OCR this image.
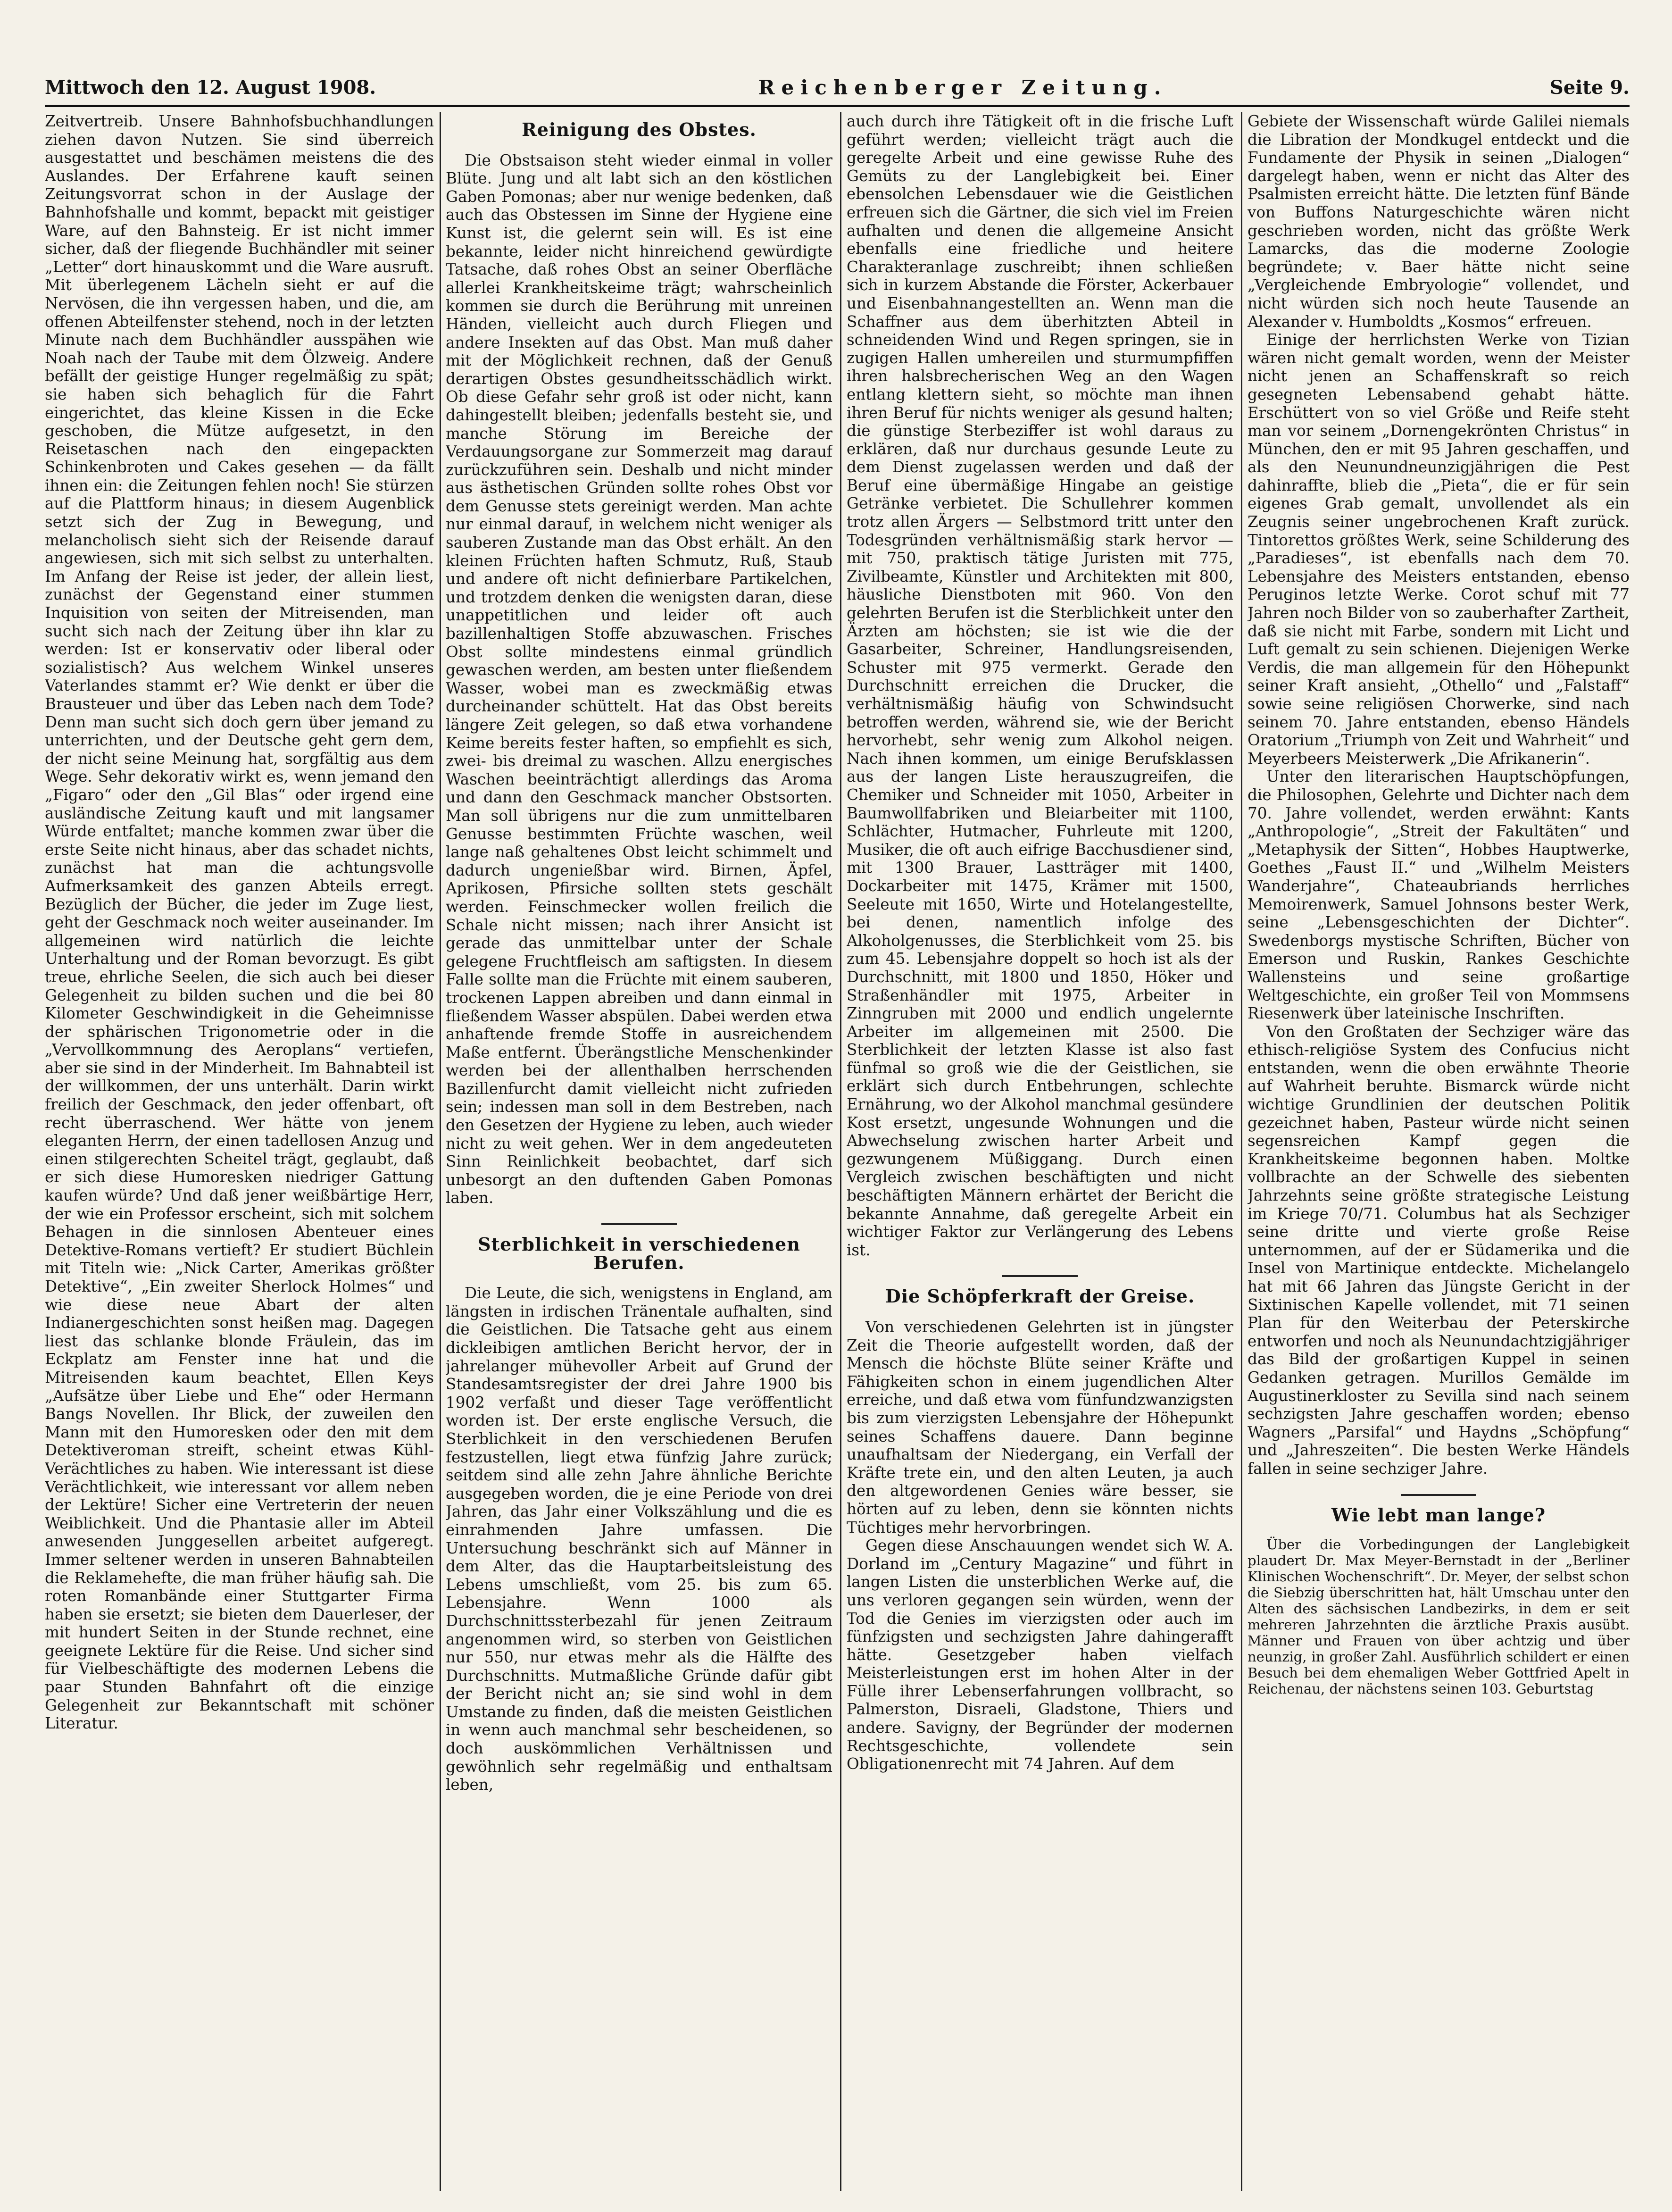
Mittwoch den 12. August 1908.	Reichenberger Zeitung.	Seite 9.

Zeitvertreib. Unsere Bahnhofsbuchhandlungen ziehen davon Nutzen. Sie sind überreich ausgestattet und beschämen meistens die des Auslandes. Der Erfahrene kauft seinen Zeitungsvorrat schon in der Auslage der Bahnhofshalle und kommt, bepackt mit geistiger Ware, auf den Bahnsteig. Er ist nicht immer sicher, daß der fliegende Buchhändler mit seiner „Letter“ dort hinauskommt und die Ware ausruft. Mit überlegenem Lächeln sieht er auf die Nervösen, die ihn vergessen haben, und die, am offenen Abteilfenster stehend, noch in der letzten Minute nach dem Buchhändler ausspähen wie Noah nach der Taube mit dem Ölzweig. Andere befällt der geistige Hunger regelmäßig zu spät; sie haben sich behaglich für die Fahrt eingerichtet, das kleine Kissen in die Ecke geschoben, die Mütze aufgesetzt, in den Reisetaschen nach den eingepackten Schinkenbroten und Cakes gesehen — da fällt ihnen ein: die Zeitungen fehlen noch! Sie stürzen auf die Plattform hinaus; in diesem Augenblick setzt sich der Zug in Bewegung, und melancholisch sieht sich der Reisende darauf angewiesen, sich mit sich selbst zu unterhalten. Im Anfang der Reise ist jeder, der allein liest, zunächst der Gegenstand einer stummen Inquisition von seiten der Mitreisenden, man sucht sich nach der Zeitung über ihn klar zu werden: Ist er konservativ oder liberal oder sozialistisch? Aus welchem Winkel unseres Vaterlandes stammt er? Wie denkt er über die Brausteuer und über das Leben nach dem Tode? Denn man sucht sich doch gern über jemand zu unterrichten, und der Deutsche geht gern dem, der nicht seine Meinung hat, sorgfältig aus dem Wege. Sehr dekorativ wirkt es, wenn jemand den „Figaro“ oder den „Gil Blas“ oder irgend eine ausländische Zeitung kauft und mit langsamer Würde entfaltet; manche kommen zwar über die erste Seite nicht hinaus, aber das schadet nichts, zunächst hat man die achtungsvolle Aufmerksamkeit des ganzen Abteils erregt. Bezüglich der Bücher, die jeder im Zuge liest, geht der Geschmack noch weiter auseinander. Im allgemeinen wird natürlich die leichte Unterhaltung und der Roman bevorzugt. Es gibt treue, ehrliche Seelen, die sich auch bei dieser Gelegenheit zu bilden suchen und die bei 80 Kilometer Geschwindigkeit in die Geheimnisse der sphärischen Trigonometrie oder in die „Vervollkommnung des Aeroplans“ vertiefen, aber sie sind in der Minderheit. Im Bahnabteil ist der willkommen, der uns unterhält. Darin wirkt freilich der Geschmack, den jeder offenbart, oft recht überraschend. Wer hätte von jenem eleganten Herrn, der einen tadellosen Anzug und einen stilgerechten Scheitel trägt, geglaubt, daß er sich diese Humoresken niedriger Gattung kaufen würde? Und daß jener weißbärtige Herr, der wie ein Professor erscheint, sich mit solchem Behagen in die sinnlosen Abenteuer eines Detektive-Romans vertieft? Er studiert Büchlein mit Titeln wie: „Nick Carter, Amerikas größter Detektive“, „Ein zweiter Sherlock Holmes“ und wie diese neue Abart der alten Indianergeschichten sonst heißen mag. Dagegen liest das schlanke blonde Fräulein, das im Eckplatz am Fenster inne hat und die Mitreisenden kaum beachtet, Ellen Keys „Aufsätze über Liebe und Ehe“ oder Hermann Bangs Novellen. Ihr Blick, der zuweilen den Mann mit den Humoresken oder den mit dem Detektiveroman streift, scheint etwas Kühl-Verächtliches zu haben. Wie interessant ist diese Verächtlichkeit, wie interessant vor allem neben der Lektüre! Sicher eine Vertreterin der neuen Weiblichkeit. Und die Phantasie aller im Abteil anwesenden Junggesellen arbeitet aufgeregt. Immer seltener werden in unseren Bahnabteilen die Reklamehefte, die man früher häufig sah. Die roten Romanbände einer Stuttgarter Firma haben sie ersetzt; sie bieten dem Dauerleser, der mit hundert Seiten in der Stunde rechnet, eine geeignete Lektüre für die Reise. Und sicher sind für Vielbeschäftigte des modernen Lebens die paar Stunden Bahnfahrt oft die einzige Gelegenheit zur Bekanntschaft mit schöner Literatur.

Reinigung des Obstes.

Die Obstsaison steht wieder einmal in voller Blüte. Jung und alt labt sich an den köstlichen Gaben Pomonas; aber nur wenige bedenken, daß auch das Obstessen im Sinne der Hygiene eine Kunst ist, die gelernt sein will. Es ist eine bekannte, leider nicht hinreichend gewürdigte Tatsache, daß rohes Obst an seiner Oberfläche allerlei Krankheitskeime trägt; wahrscheinlich kommen sie durch die Berührung mit unreinen Händen, vielleicht auch durch Fliegen und andere Insekten auf das Obst. Man muß daher mit der Möglichkeit rechnen, daß der Genuß derartigen Obstes gesundheitsschädlich wirkt. Ob diese Gefahr sehr groß ist oder nicht, kann dahingestellt bleiben; jedenfalls besteht sie, und manche Störung im Bereiche der Verdauungsorgane zur Sommerzeit mag darauf zurückzuführen sein. Deshalb und nicht minder aus ästhetischen Gründen sollte rohes Obst vor dem Genusse stets gereinigt werden. Man achte nur einmal darauf, in welchem nicht weniger als sauberen Zustande man das Obst erhält. An den kleinen Früchten haften Schmutz, Ruß, Staub und andere oft nicht definierbare Partikelchen, und trotzdem denken die wenigsten daran, diese unappetitlichen und leider oft auch bazillenhaltigen Stoffe abzuwaschen. Frisches Obst sollte mindestens einmal gründlich gewaschen werden, am besten unter fließendem Wasser, wobei man es zweckmäßig etwas durcheinander schüttelt. Hat das Obst bereits längere Zeit gelegen, so daß etwa vorhandene Keime bereits fester haften, so empfiehlt es sich, zwei- bis dreimal zu waschen. Allzu energisches Waschen beeinträchtigt allerdings das Aroma und dann den Geschmack mancher Obstsorten. Man soll übrigens nur die zum unmittelbaren Genusse bestimmten Früchte waschen, weil lange naß gehaltenes Obst leicht schimmelt und dadurch ungenießbar wird. Birnen, Äpfel, Aprikosen, Pfirsiche sollten stets geschält werden. Feinschmecker wollen freilich die Schale nicht missen; nach ihrer Ansicht ist gerade das unmittelbar unter der Schale gelegene Fruchtfleisch am saftigsten. In diesem Falle sollte man die Früchte mit einem sauberen, trockenen Lappen abreiben und dann einmal in fließendem Wasser abspülen. Dabei werden etwa anhaftende fremde Stoffe in ausreichendem Maße entfernt. Überängstliche Menschenkinder werden bei der allenthalben herrschenden Bazillenfurcht damit vielleicht nicht zufrieden sein; indessen man soll in dem Bestreben, nach den Gesetzen der Hygiene zu leben, auch wieder nicht zu weit gehen. Wer in dem angedeuteten Sinn Reinlichkeit beobachtet, darf sich unbesorgt an den duftenden Gaben Pomonas laben.

Sterblichkeit in verschiedenen Berufen.

Die Leute, die sich, wenigstens in England, am längsten in irdischen Tränentale aufhalten, sind die Geistlichen. Die Tatsache geht aus einem dickleibigen amtlichen Bericht hervor, der in jahrelanger mühevoller Arbeit auf Grund der Standesamtsregister der drei Jahre 1900 bis 1902 verfaßt und dieser Tage veröffentlicht worden ist. Der erste englische Versuch, die Sterblichkeit in den verschiedenen Berufen festzustellen, liegt etwa fünfzig Jahre zurück; seitdem sind alle zehn Jahre ähnliche Berichte ausgegeben worden, die je eine Periode von drei Jahren, das Jahr einer Volkszählung und die es einrahmenden Jahre umfassen. Die Untersuchung beschränkt sich auf Männer in dem Alter, das die Hauptarbeitsleistung des Lebens umschließt, vom 25. bis zum 65. Lebensjahre. Wenn 1000 als Durchschnittssterbezahl für jenen Zeitraum angenommen wird, so sterben von Geistlichen nur 550, nur etwas mehr als die Hälfte des Durchschnitts. Mutmaßliche Gründe dafür gibt der Bericht nicht an; sie sind wohl in dem Umstande zu finden, daß die meisten Geistlichen in wenn auch manchmal sehr bescheidenen, so doch auskömmlichen Verhältnissen und gewöhnlich sehr regelmäßig und enthaltsam leben,

auch durch ihre Tätigkeit oft in die frische Luft geführt werden; vielleicht trägt auch die geregelte Arbeit und eine gewisse Ruhe des Gemüts zu der Langlebigkeit bei. Einer ebensolchen Lebensdauer wie die Geistlichen erfreuen sich die Gärtner, die sich viel im Freien aufhalten und denen die allgemeine Ansicht ebenfalls eine friedliche und heitere Charakteranlage zuschreibt; ihnen schließen sich in kurzem Abstande die Förster, Ackerbauer und Eisenbahnangestellten an. Wenn man die Schaffner aus dem überhitzten Abteil in schneidenden Wind und Regen springen, sie in zugigen Hallen umhereilen und sturmumpfiffen ihren halsbrecherischen Weg an den Wagen entlang klettern sieht, so möchte man ihnen ihren Beruf für nichts weniger als gesund halten; die günstige Sterbeziffer ist wohl daraus zu erklären, daß nur durchaus gesunde Leute zu dem Dienst zugelassen werden und daß der Beruf eine übermäßige Hingabe an geistige Getränke verbietet. Die Schullehrer kommen trotz allen Ärgers — Selbstmord tritt unter den Todesgründen verhältnismäßig stark hervor — mit 750, praktisch tätige Juristen mit 775, Zivilbeamte, Künstler und Architekten mit 800, häusliche Dienstboten mit 960. Von den gelehrten Berufen ist die Sterblichkeit unter den Ärzten am höchsten; sie ist wie die der Gasarbeiter, Schreiner, Handlungsreisenden, Schuster mit 975 vermerkt. Gerade den Durchschnitt erreichen die Drucker, die verhältnismäßig häufig von Schwindsucht betroffen werden, während sie, wie der Bericht hervorhebt, sehr wenig zum Alkohol neigen. Nach ihnen kommen, um einige Berufsklassen aus der langen Liste herauszugreifen, die Chemiker und Schneider mit 1050, Arbeiter in Baumwollfabriken und Bleiarbeiter mit 1100, Schlächter, Hutmacher, Fuhrleute mit 1200, Musiker, die oft auch eifrige Bacchusdiener sind, mit 1300 Brauer, Lastträger mit 1400, Dockarbeiter mit 1475, Krämer mit 1500, Seeleute mit 1650, Wirte und Hotelangestellte, bei denen, namentlich infolge des Alkoholgenusses, die Sterblichkeit vom 25. bis zum 45. Lebensjahre doppelt so hoch ist als der Durchschnitt, mit 1800 und 1850, Höker und Straßenhändler mit 1975, Arbeiter in Zinngruben mit 2000 und endlich ungelernte Arbeiter im allgemeinen mit 2500. Die Sterblichkeit der letzten Klasse ist also fast fünfmal so groß wie die der Geistlichen, sie erklärt sich durch Entbehrungen, schlechte Ernährung, wo der Alkohol manchmal gesündere Kost ersetzt, ungesunde Wohnungen und die Abwechselung zwischen harter Arbeit und gezwungenem Müßiggang. Durch einen Vergleich zwischen beschäftigten und nicht beschäftigten Männern erhärtet der Bericht die bekannte Annahme, daß geregelte Arbeit ein wichtiger Faktor zur Verlängerung des Lebens ist.

Die Schöpferkraft der Greise.

Von verschiedenen Gelehrten ist in jüngster Zeit die Theorie aufgestellt worden, daß der Mensch die höchste Blüte seiner Kräfte und Fähigkeiten schon in einem jugendlichen Alter erreiche, und daß etwa vom fünfundzwanzigsten bis zum vierzigsten Lebensjahre der Höhepunkt seines Schaffens dauere. Dann beginne unaufhaltsam der Niedergang, ein Verfall der Kräfte trete ein, und den alten Leuten, ja auch den altgewordenen Genies wäre besser, sie hörten auf zu leben, denn sie könnten nichts Tüchtiges mehr hervorbringen.

Gegen diese Anschauungen wendet sich W. A. Dorland im „Century Magazine“ und führt in langen Listen die unsterblichen Werke auf, die uns verloren gegangen sein würden, wenn der Tod die Genies im vierzigsten oder auch im fünfzigsten und sechzigsten Jahre dahingerafft hätte. Gesetzgeber haben vielfach Meisterleistungen erst im hohen Alter in der Fülle ihrer Lebenserfahrungen vollbracht, so Palmerston, Disraeli, Gladstone, Thiers und andere. Savigny, der Begründer der modernen Rechtsgeschichte, vollendete sein Obligationenrecht mit 74 Jahren. Auf dem

Gebiete der Wissenschaft würde Galilei niemals die Libration der Mondkugel entdeckt und die Fundamente der Physik in seinen „Dialogen“ dargelegt haben, wenn er nicht das Alter des Psalmisten erreicht hätte. Die letzten fünf Bände von Buffons Naturgeschichte wären nicht geschrieben worden, nicht das größte Werk Lamarcks, das die moderne Zoologie begründete; v. Baer hätte nicht seine „Vergleichende Embryologie“ vollendet, und nicht würden sich noch heute Tausende an Alexander v. Humboldts „Kosmos“ erfreuen.

Einige der herrlichsten Werke von Tizian wären nicht gemalt worden, wenn der Meister nicht jenen an Schaffenskraft so reich gesegneten Lebensabend gehabt hätte. Erschüttert von so viel Größe und Reife steht man vor seinem „Dornengekrönten Christus“ in München, den er mit 95 Jahren geschaffen, und als den Neunundneunzigjährigen die Pest dahinraffte, blieb die „Pieta“, die er für sein eigenes Grab gemalt, unvollendet als ein Zeugnis seiner ungebrochenen Kraft zurück. Tintorettos größtes Werk, seine Schilderung des „Paradieses“, ist ebenfalls nach dem 70. Lebensjahre des Meisters entstanden, ebenso Peruginos letzte Werke. Corot schuf mit 77 Jahren noch Bilder von so zauberhafter Zartheit, daß sie nicht mit Farbe, sondern mit Licht und Luft gemalt zu sein schienen. Diejenigen Werke Verdis, die man allgemein für den Höhepunkt seiner Kraft ansieht, „Othello“ und „Falstaff“ sowie seine religiösen Chorwerke, sind nach seinem 70. Jahre entstanden, ebenso Händels Oratorium „Triumph von Zeit und Wahrheit“ und Meyerbeers Meisterwerk „Die Afrikanerin“.

Unter den literarischen Hauptschöpfungen, die Philosophen, Gelehrte und Dichter nach dem 70. Jahre vollendet, werden erwähnt: Kants „Anthropologie“, „Streit der Fakultäten“ und „Metaphysik der Sitten“, Hobbes Hauptwerke, Goethes „Faust II.“ und „Wilhelm Meisters Wanderjahre“, Chateaubriands herrliches Memoirenwerk, Samuel Johnsons bester Werk, seine „Lebensgeschichten der Dichter“. Swedenborgs mystische Schriften, Bücher von Emerson und Ruskin, Rankes Geschichte Wallensteins und seine großartige Weltgeschichte, ein großer Teil von Mommsens Riesenwerk über lateinische Inschriften.

Von den Großtaten der Sechziger wäre das ethisch-religiöse System des Confucius nicht entstanden, wenn die oben erwähnte Theorie auf Wahrheit beruhte. Bismarck würde nicht wichtige Grundlinien der deutschen Politik gezeichnet haben, Pasteur würde nicht seinen segensreichen Kampf gegen die Krankheitskeime begonnen haben. Moltke vollbrachte an der Schwelle des siebenten Jahrzehnts seine größte strategische Leistung im Kriege 70/71. Columbus hat als Sechziger seine dritte und vierte große Reise unternommen, auf der er Südamerika und die Insel von Martinique entdeckte. Michelangelo hat mit 66 Jahren das Jüngste Gericht in der Sixtinischen Kapelle vollendet, mit 71 seinen Plan für den Weiterbau der Peterskirche entworfen und noch als Neunundachtzigjähriger das Bild der großartigen Kuppel in seinen Gedanken getragen. Murillos Gemälde im Augustinerkloster zu Sevilla sind nach seinem sechzigsten Jahre geschaffen worden; ebenso Wagners „Parsifal“ und Haydns „Schöpfung“ und „Jahreszeiten“. Die besten Werke Händels fallen in seine sechziger Jahre.

Wie lebt man lange?

Über die Vorbedingungen der Langlebigkeit plaudert Dr. Max Meyer-Bernstadt in der „Berliner Klinischen Wochenschrift“. Dr. Meyer, der selbst schon die Siebzig überschritten hat, hält Umschau unter den Alten des sächsischen Landbezirks, in dem er seit mehreren Jahrzehnten die ärztliche Praxis ausübt. Männer und Frauen von über achtzig und über neunzig, in großer Zahl. Ausführlich schildert er einen Besuch bei dem ehemaligen Weber Gottfried Apelt in Reichenau, der nächstens seinen 103. Geburtstag
